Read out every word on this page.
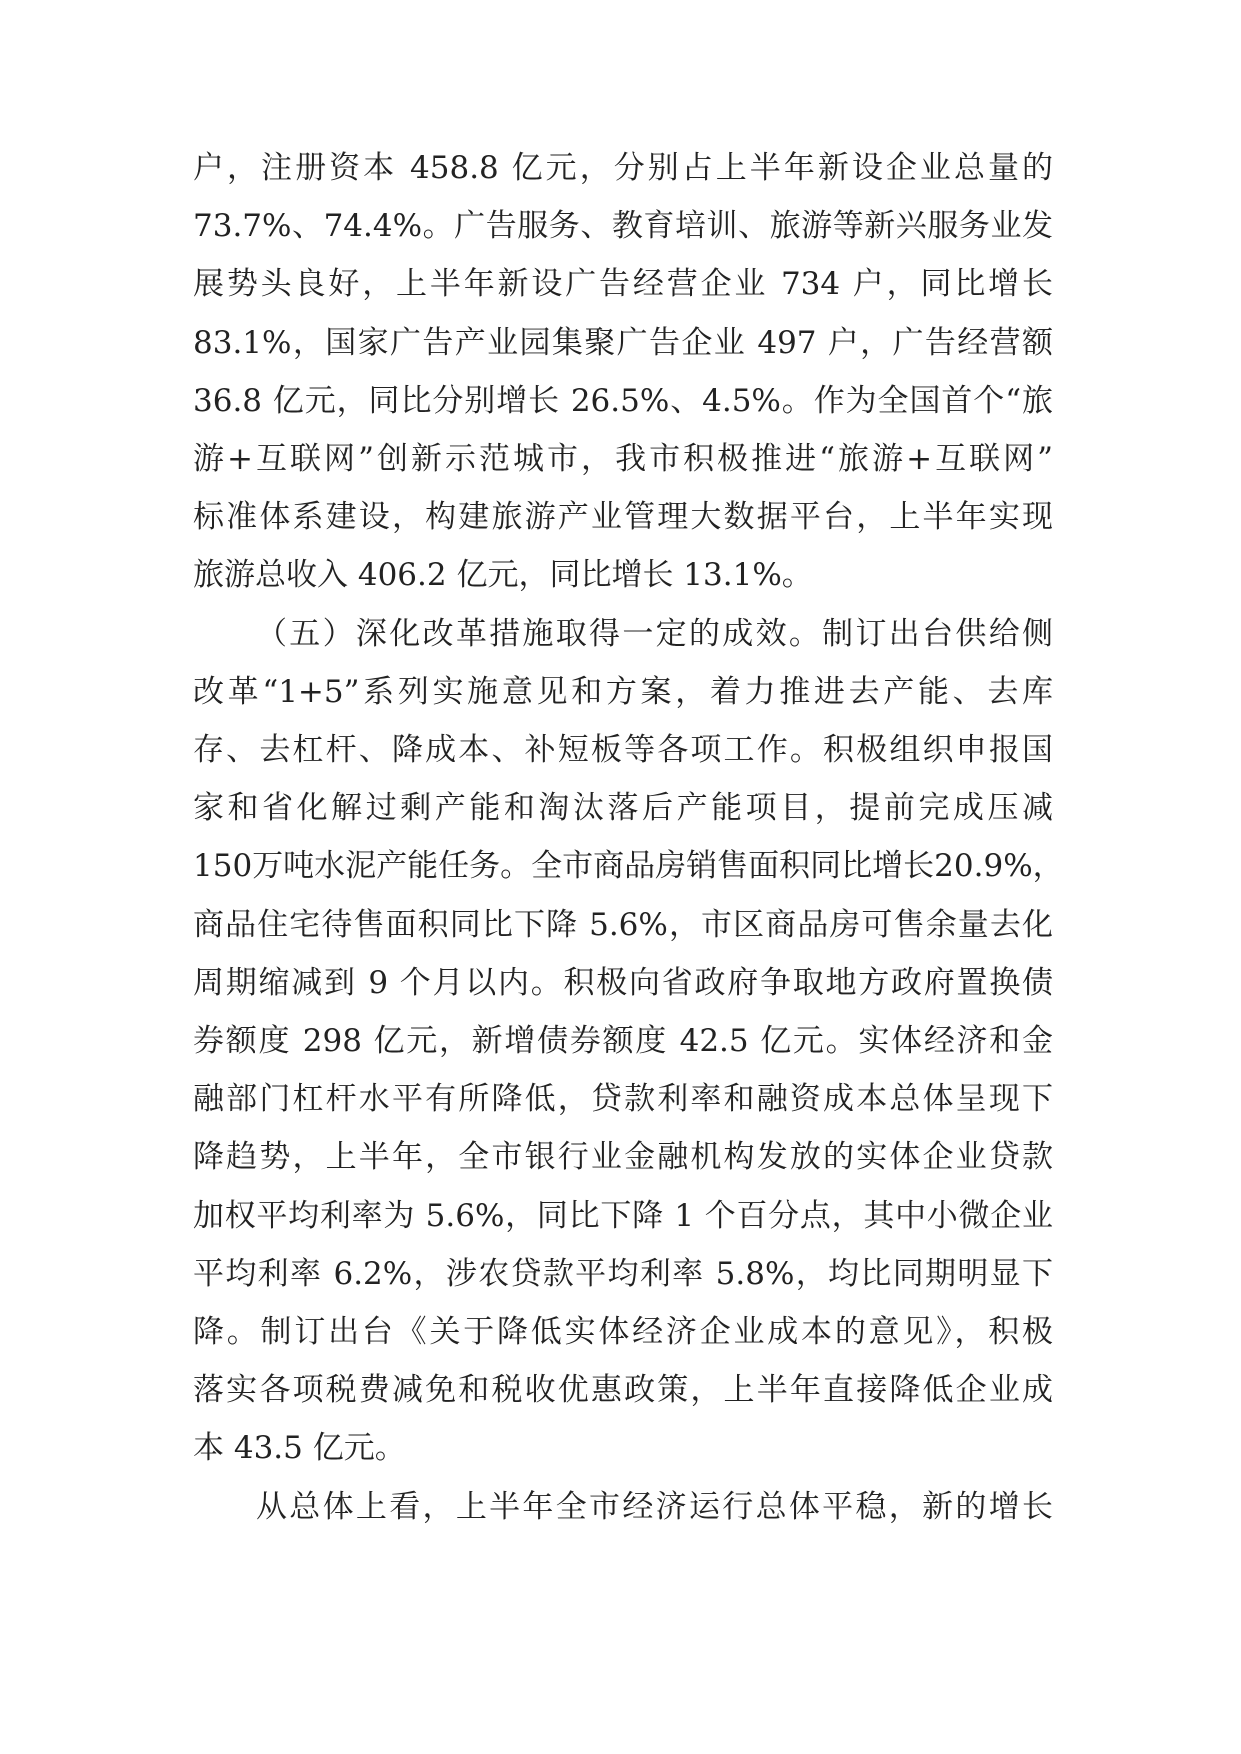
户，注册资本 458.8 亿元，分别占上半年新设企业总量的
73.7%、74.4%。广告服务、教育培训、旅游等新兴服务业发
展势头良好，上半年新设广告经营企业 734 户，同比增长
83.1%，国家广告产业园集聚广告企业 497 户，广告经营额
36.8 亿元，同比分别增长 26.5%、4.5%。作为全国首个“旅
游+互联网”创新示范城市，我市积极推进“旅游+互联网”
标准体系建设，构建旅游产业管理大数据平台，上半年实现
旅游总收入 406.2 亿元，同比增长 13.1%。
（五）深化改革措施取得一定的成效。制订出台供给侧
改革“1+5”系列实施意见和方案，着力推进去产能、去库
存、去杠杆、降成本、补短板等各项工作。积极组织申报国
家和省化解过剩产能和淘汰落后产能项目，提前完成压减
150万吨水泥产能任务。全市商品房销售面积同比增长20.9%，
商品住宅待售面积同比下降 5.6%，市区商品房可售余量去化
周期缩减到 9 个月以内。积极向省政府争取地方政府置换债
券额度 298 亿元，新增债券额度 42.5 亿元。实体经济和金
融部门杠杆水平有所降低，贷款利率和融资成本总体呈现下
降趋势，上半年，全市银行业金融机构发放的实体企业贷款
加权平均利率为 5.6%，同比下降 1 个百分点，其中小微企业
平均利率 6.2%，涉农贷款平均利率 5.8%，均比同期明显下
降。制订出台《关于降低实体经济企业成本的意见》，积极
落实各项税费减免和税收优惠政策，上半年直接降低企业成
本 43.5 亿元。
从总体上看，上半年全市经济运行总体平稳，新的增长
